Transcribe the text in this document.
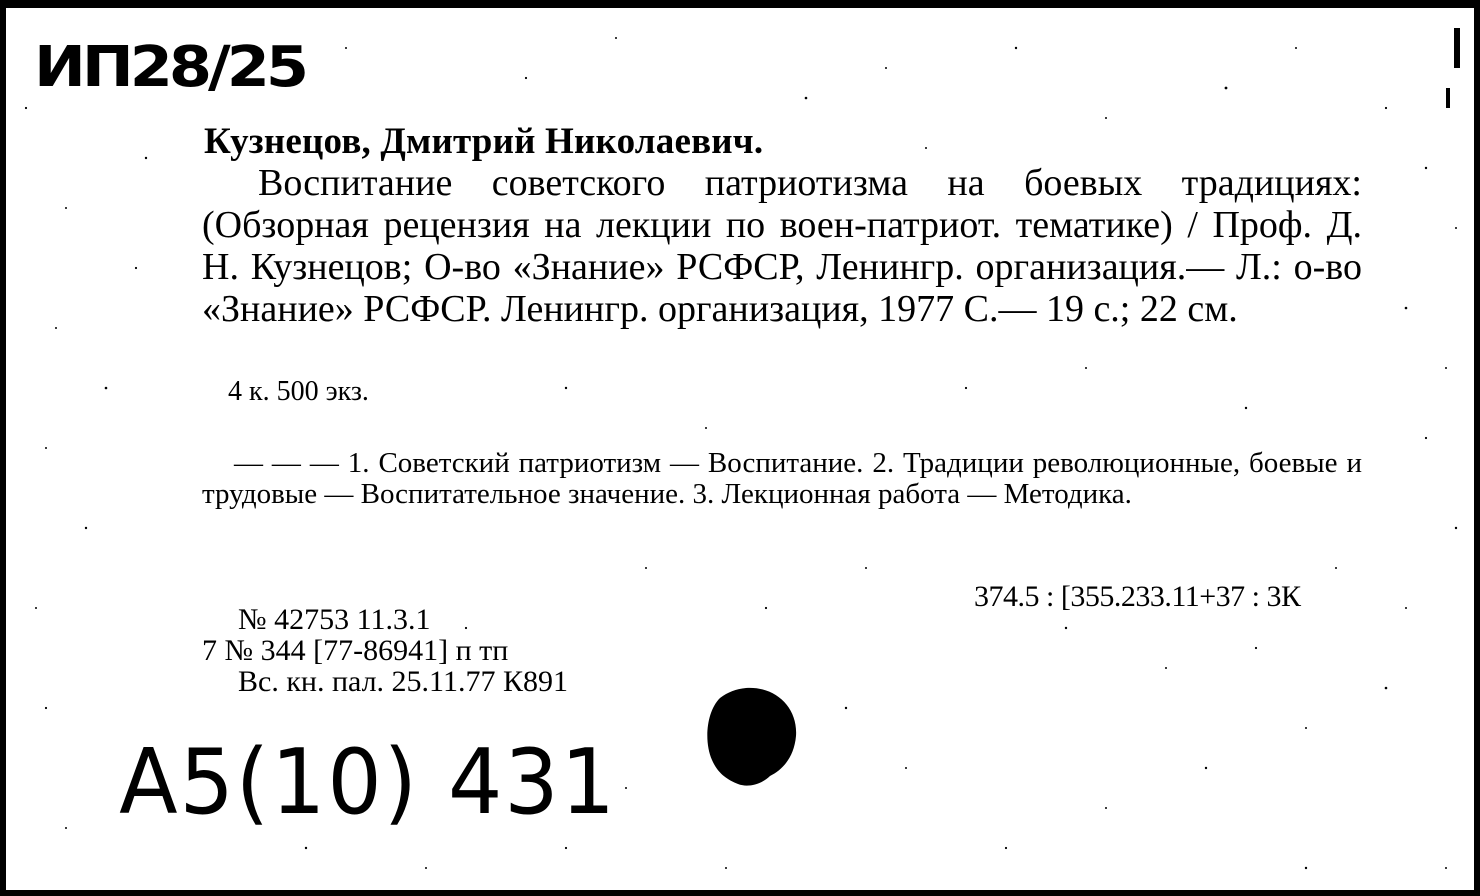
ИП28/25
Кузнецов, Дмитрий Николаевич.

Воспитание советского патриотизма на боевых традициях: (Обзорная рецензия на лекции по воен-патриот. тематике) / Проф. Д. Н. Кузнецов; О-во «Знание» РСФСР, Ленингр. организация.— Л.: о-во «Знание» РСФСР. Ленингр. организация, 1977 С.— 19 с.; 22 см.

4 к. 500 экз.

— — — 1. Советский патриотизм — Воспитание. 2. Традиции революционные, боевые и трудовые — Воспитательное значение. 3. Лекционная работа — Методика.

374.5 : [355.233.11+37 : 3К
№ 42753 11.3.1
7 № 344 [77-86941] п тп
Вс. кн. пал. 25.11.77 К891
A5(10) 431
